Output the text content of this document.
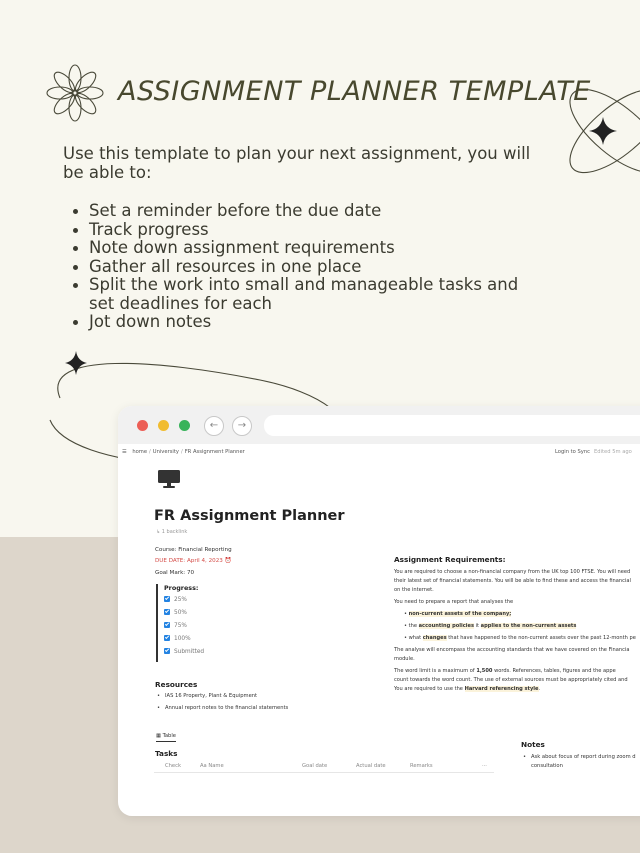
ASSIGNMENT PLANNER TEMPLATE
Use this template to plan your next assignment, you will be able to:
Set a reminder before the due date
Track progress
Note down assignment requirements
Gather all resources in one place
Split the work into small and manageable tasks and set deadlines for each
Jot down notes
←	→
☰ home / University / FR Assignment Planner	Login to Sync Edited 5m ago
FR Assignment Planner
↳ 1 backlink
Course: Financial Reporting
DUE DATE: April 4, 2023 ⏰
Goal Mark: 70
Progress:
25%
50%
75%
100%
Submitted
Resources
• IAS 16 Property, Plant & Equipment
• Annual report notes to the financial statements
Assignment Requirements:
You are required to choose a non-financial company from the UK top 100 FTSE. You will need
their latest set of financial statements. You will be able to find these and access the financial
on the internet.
You need to prepare a report that analyses the
• non-current assets of the company;
• the accounting policies it applies to the non-current assets
• what changes that have happened to the non-current assets over the past 12-month pe
The analyse will encompass the accounting standards that we have covered on the Financia
module.
The word limit is a maximum of 1,500 words. References, tables, figures and the appe
count towards the word count. The use of external sources must be appropriately cited and
You are required to use the Harvard referencing style.
▦ Table
Tasks
Check	Aa Name	Goal date	Actual date	Remarks	···
Notes
• Ask about focus of report during zoom d
consultation
